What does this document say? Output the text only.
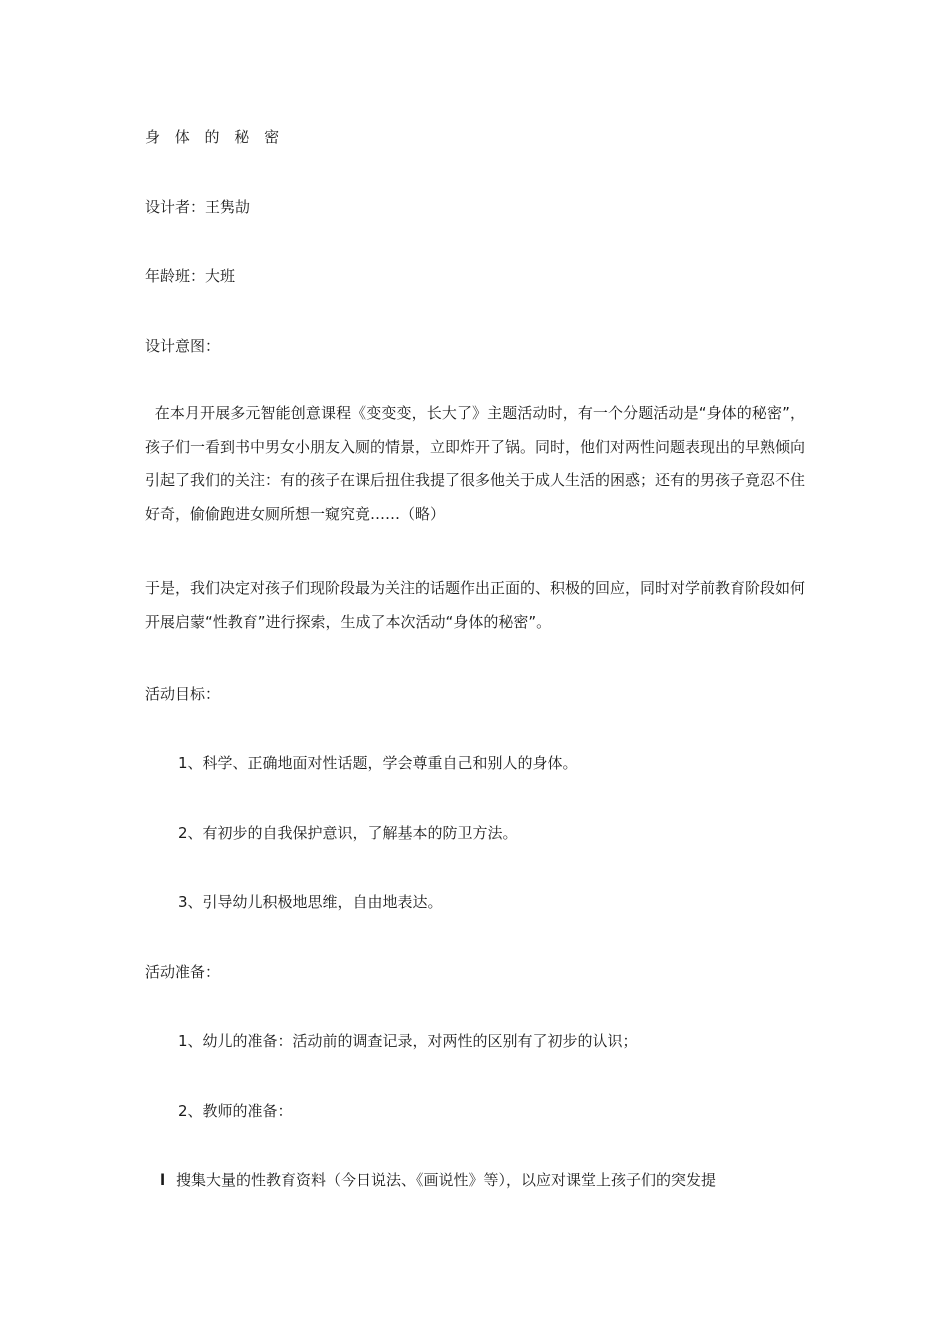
身 体 的 秘 密
设计者：王隽劼
年龄班：大班
设计意图：
在本月开展多元智能创意课程《变变变，长大了》主题活动时，有一个分题活动是“身体的秘密”，孩子们一看到书中男女小朋友入厕的情景，立即炸开了锅。同时，他们对两性问题表现出的早熟倾向引起了我们的关注：有的孩子在课后扭住我提了很多他关于成人生活的困惑；还有的男孩子竟忍不住好奇，偷偷跑进女厕所想一窥究竟……（略）
于是，我们决定对孩子们现阶段最为关注的话题作出正面的、积极的回应，同时对学前教育阶段如何开展启蒙“性教育”进行探索，生成了本次活动“身体的秘密”。
活动目标：
1、科学、正确地面对性话题，学会尊重自己和别人的身体。
2、有初步的自我保护意识，了解基本的防卫方法。
3、引导幼儿积极地思维，自由地表达。
活动准备：
1、幼儿的准备：活动前的调查记录，对两性的区别有了初步的认识；
2、教师的准备：
l 搜集大量的性教育资料（今日说法、《画说性》等），以应对课堂上孩子们的突发提
